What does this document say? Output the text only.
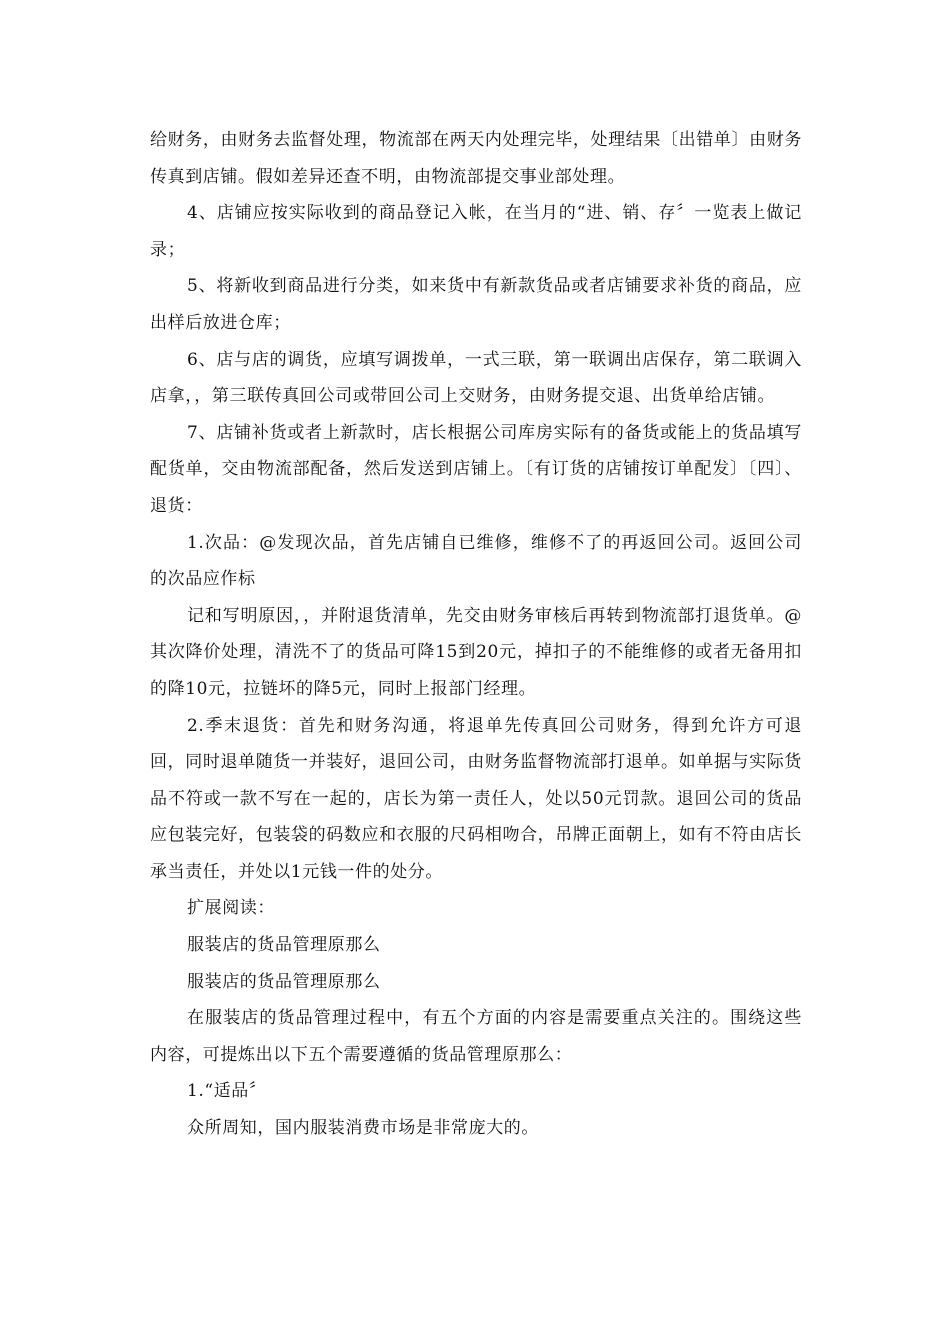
给财务，由财务去监督处理，物流部在两天内处理完毕，处理结果〔出错单〕由财务传真到店铺。假如差异还查不明，由物流部提交事业部处理。

4、店铺应按实际收到的商品登记入帐，在当月的“进、销、存〞一览表上做记录；

5、将新收到商品进行分类，如来货中有新款货品或者店铺要求补货的商品，应出样后放进仓库；

6、店与店的调货，应填写调拨单，一式三联，第一联调出店保存，第二联调入店拿，，第三联传真回公司或带回公司上交财务，由财务提交退、出货单给店铺。

7、店铺补货或者上新款时，店长根据公司库房实际有的备货或能上的货品填写配货单，交由物流部配备，然后发送到店铺上。〔有订货的店铺按订单配发〕〔四〕、退货：

1.次品：@发现次品，首先店铺自已维修，维修不了的再返回公司。返回公司的次品应作标

记和写明原因，，并附退货清单，先交由财务审核后再转到物流部打退货单。@其次降价处理，清洗不了的货品可降15到20元，掉扣子的不能维修的或者无备用扣的降10元，拉链坏的降5元，同时上报部门经理。

2.季末退货：首先和财务沟通，将退单先传真回公司财务，得到允许方可退回，同时退单随货一并装好，退回公司，由财务监督物流部打退单。如单据与实际货品不符或一款不写在一起的，店长为第一责任人，处以50元罚款。退回公司的货品应包装完好，包装袋的码数应和衣服的尺码相吻合，吊牌正面朝上，如有不符由店长承当责任，并处以1元钱一件的处分。

扩展阅读：

服装店的货品管理原那么

服装店的货品管理原那么

在服装店的货品管理过程中，有五个方面的内容是需要重点关注的。围绕这些内容，可提炼出以下五个需要遵循的货品管理原那么：

1.“适品〞

众所周知，国内服装消费市场是非常庞大的。
